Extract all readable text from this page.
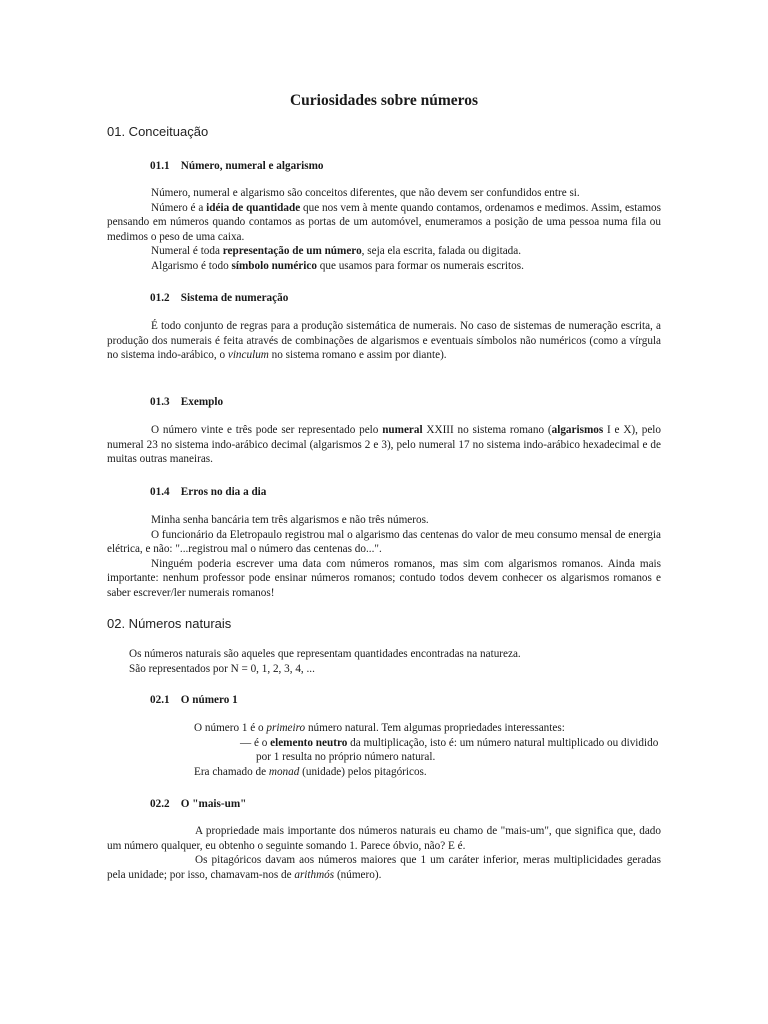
Curiosidades sobre números
01. Conceituação
01.1 Número, numeral e algarismo

Número, numeral e algarismo são conceitos diferentes, que não devem ser confundidos entre si.

Número é a idéia de quantidade que nos vem à mente quando contamos, ordenamos e medimos. Assim, estamos pensando em números quando contamos as portas de um automóvel, enumeramos a posição de uma pessoa numa fila ou medimos o peso de uma caixa.

Numeral é toda representação de um número, seja ela escrita, falada ou digitada.

Algarismo é todo símbolo numérico que usamos para formar os numerais escritos.

01.2 Sistema de numeração

É todo conjunto de regras para a produção sistemática de numerais. No caso de sistemas de numeração escrita, a produção dos numerais é feita através de combinações de algarismos e eventuais símbolos não numéricos (como a vírgula no sistema indo-arábico, o vinculum no sistema romano e assim por diante).

01.3 Exemplo

O número vinte e três pode ser representado pelo numeral XXIII no sistema romano (algarismos I e X), pelo numeral 23 no sistema indo-arábico decimal (algarismos 2 e 3), pelo numeral 17 no sistema indo-arábico hexadecimal e de muitas outras maneiras.

01.4 Erros no dia a dia

Minha senha bancária tem três algarismos e não três números.

O funcionário da Eletropaulo registrou mal o algarismo das centenas do valor de meu consumo mensal de energia elétrica, e não: "...registrou mal o número das centenas do...".

Ninguém poderia escrever uma data com números romanos, mas sim com algarismos romanos. Ainda mais importante: nenhum professor pode ensinar números romanos; contudo todos devem conhecer os algarismos romanos e saber escrever/ler numerais romanos!

02. Números naturais

Os números naturais são aqueles que representam quantidades encontradas na natureza.

São representados por N = 0, 1, 2, 3, 4, ...

02.1 O número 1

O número 1 é o primeiro número natural. Tem algumas propriedades interessantes:

— é o elemento neutro da multiplicação, isto é: um número natural multiplicado ou dividido por 1 resulta no próprio número natural.

Era chamado de monad (unidade) pelos pitagóricos.

02.2 O "mais-um"

A propriedade mais importante dos números naturais eu chamo de "mais-um", que significa que, dado um número qualquer, eu obtenho o seguinte somando 1. Parece óbvio, não? E é.

Os pitagóricos davam aos números maiores que 1 um caráter inferior, meras multiplicidades geradas pela unidade; por isso, chamavam-nos de arithmós (número).
